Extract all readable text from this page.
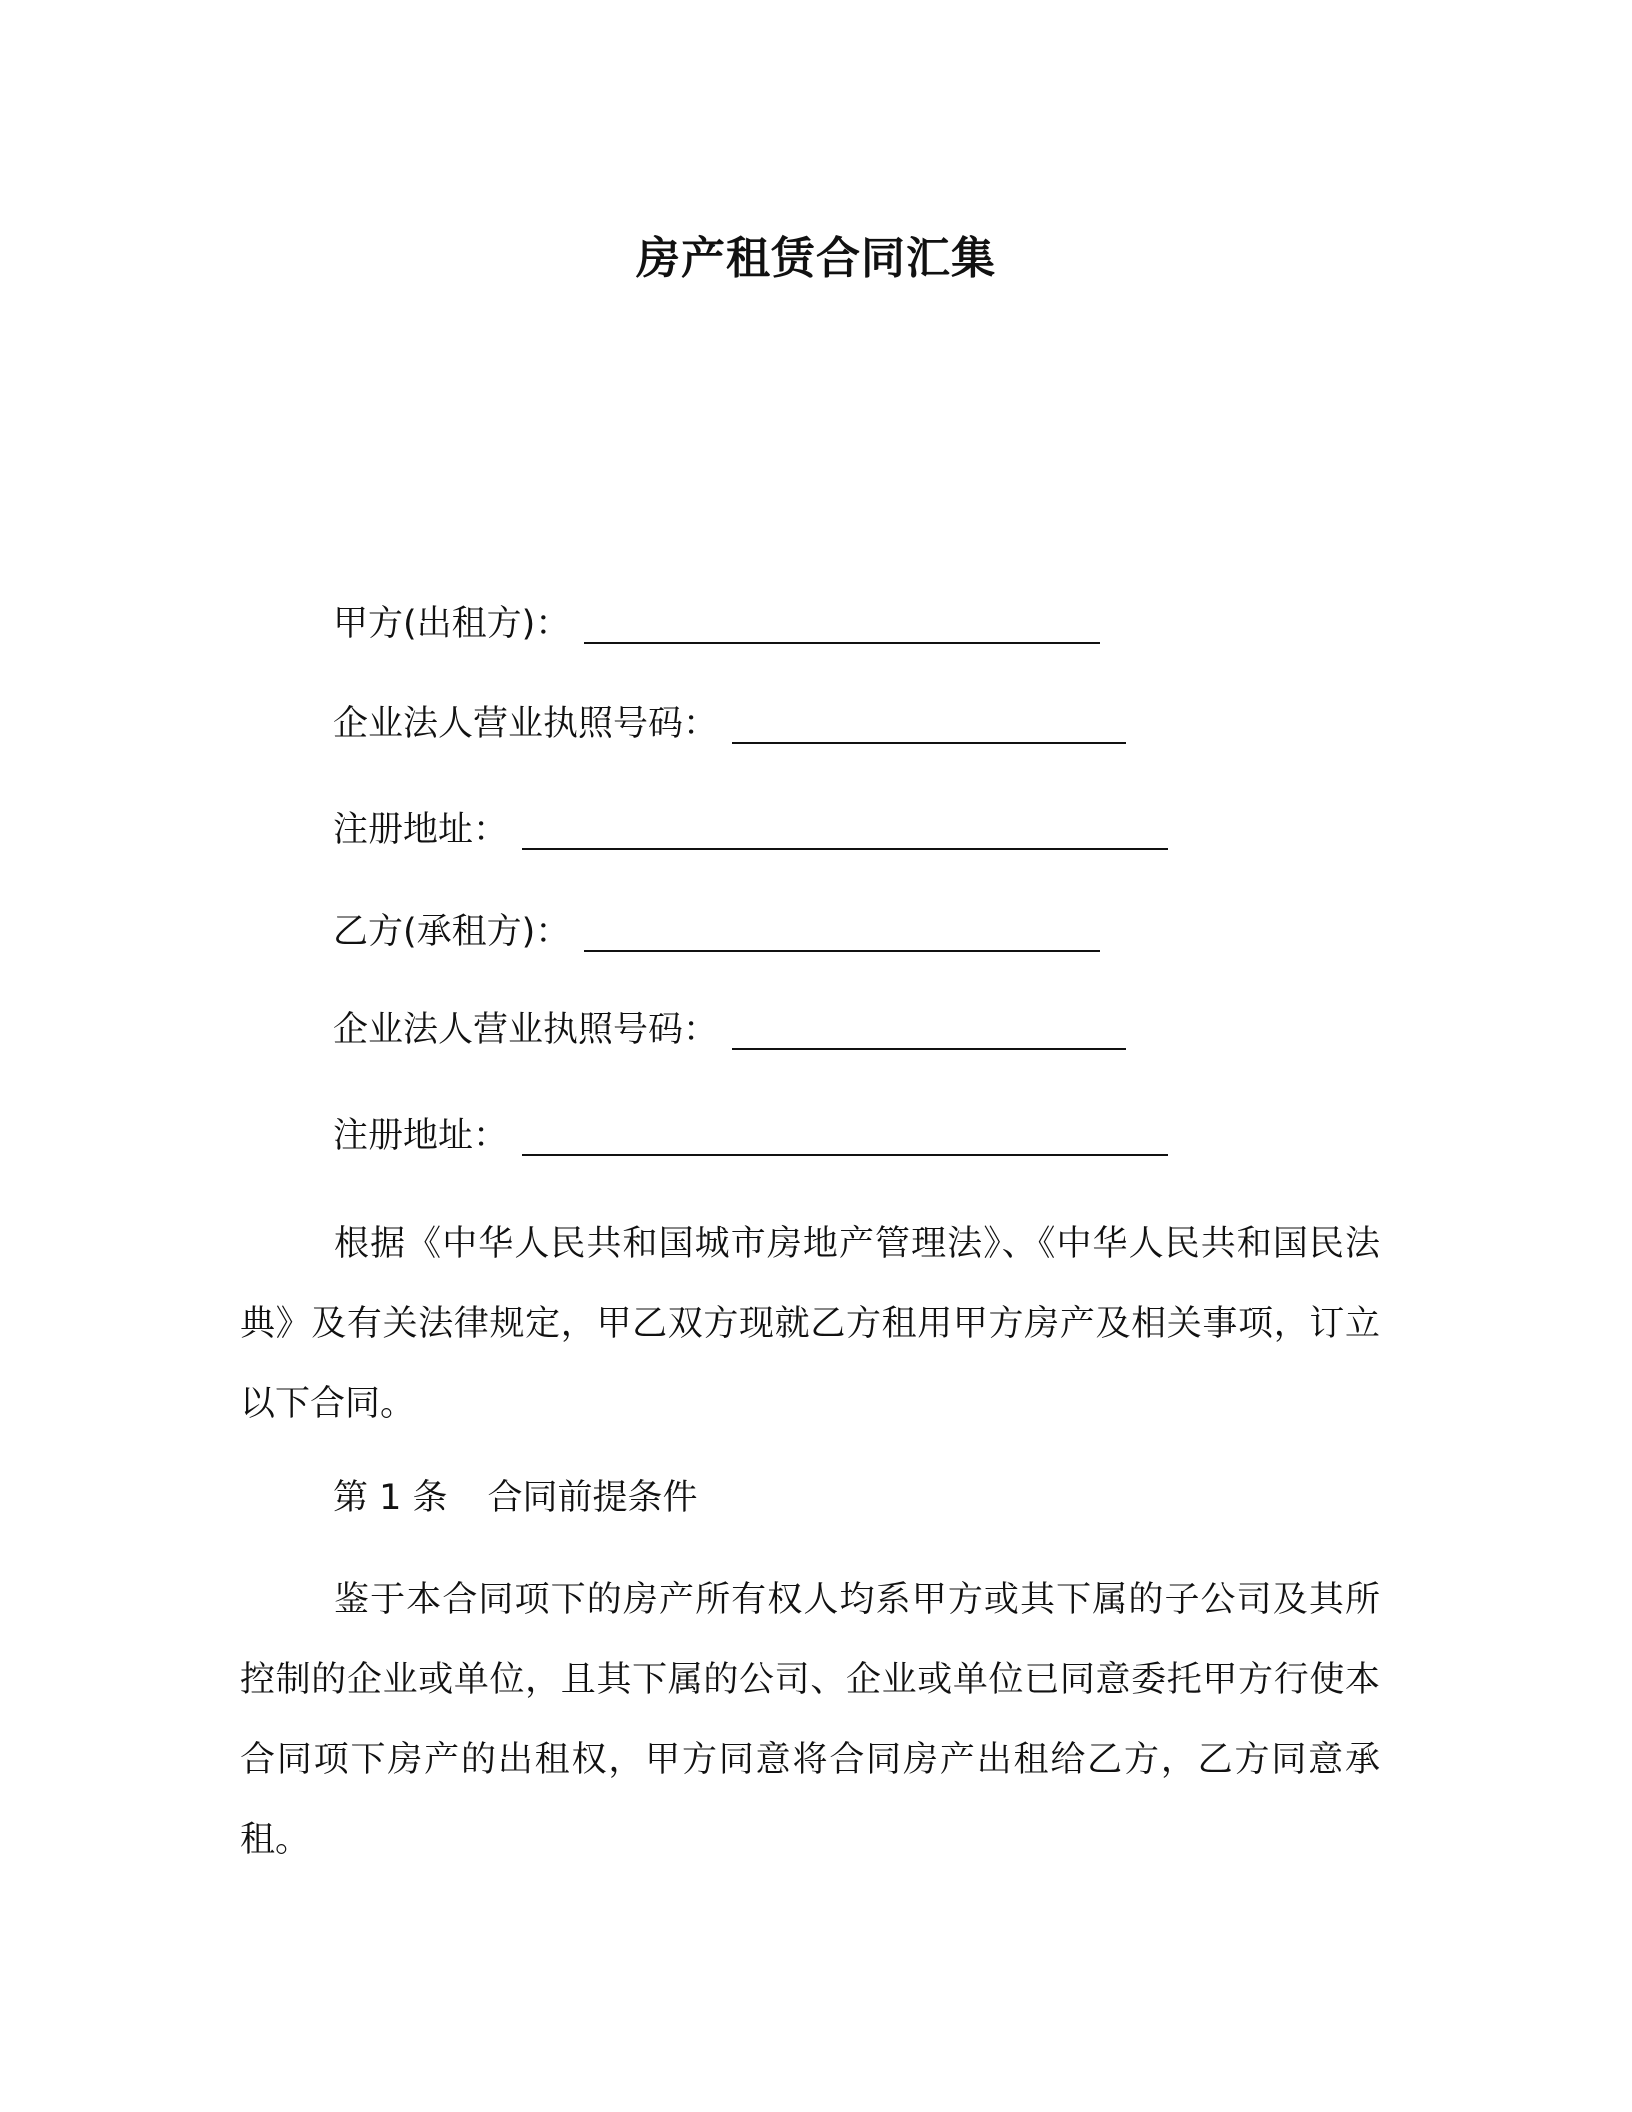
房产租赁合同汇集
甲方(出租方)：
企业法人营业执照号码：
注册地址：
乙方(承租方)：
企业法人营业执照号码：
注册地址：

根据《中华人民共和国城市房地产管理法》、《中华人民共和国民法典》及有关法律规定，甲乙双方现就乙方租用甲方房产及相关事项，订立以下合同。

第 1 条 合同前提条件

鉴于本合同项下的房产所有权人均系甲方或其下属的子公司及其所控制的企业或单位，且其下属的公司、企业或单位已同意委托甲方行使本合同项下房产的出租权，甲方同意将合同房产出租给乙方，乙方同意承租。
